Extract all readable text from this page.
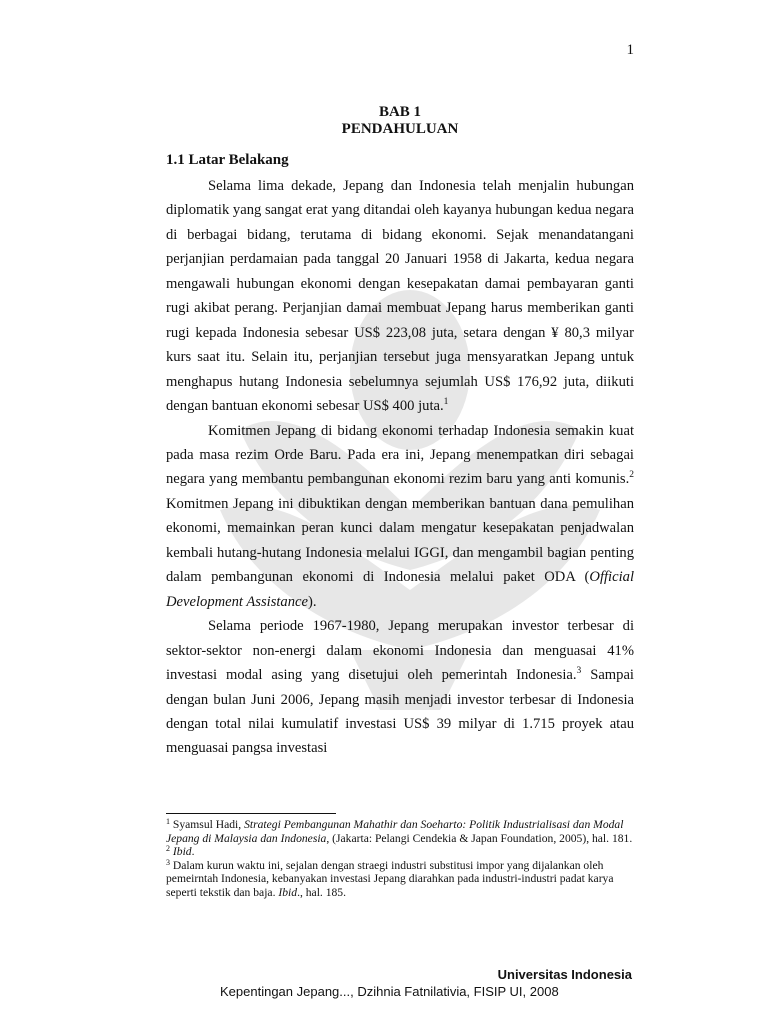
1
BAB 1
PENDAHULUAN
1.1 Latar Belakang

Selama lima dekade, Jepang dan Indonesia telah menjalin hubungan diplomatik yang sangat erat yang ditandai oleh kayanya hubungan kedua negara di berbagai bidang, terutama di bidang ekonomi. Sejak menandatangani perjanjian perdamaian pada tanggal 20 Januari 1958 di Jakarta, kedua negara mengawali hubungan ekonomi dengan kesepakatan damai pembayaran ganti rugi akibat perang. Perjanjian damai membuat Jepang harus memberikan ganti rugi kepada Indonesia sebesar US$ 223,08 juta, setara dengan ¥ 80,3 milyar kurs saat itu. Selain itu, perjanjian tersebut juga mensyaratkan Jepang untuk menghapus hutang Indonesia sebelumnya sejumlah US$ 176,92 juta, diikuti dengan bantuan ekonomi sebesar US$ 400 juta.$^1$

Komitmen Jepang di bidang ekonomi terhadap Indonesia semakin kuat pada masa rezim Orde Baru. Pada era ini, Jepang menempatkan diri sebagai negara yang membantu pembangunan ekonomi rezim baru yang anti komunis.$^2$ Komitmen Jepang ini dibuktikan dengan memberikan bantuan dana pemulihan ekonomi, memainkan peran kunci dalam mengatur kesepakatan penjadwalan kembali hutang-hutang Indonesia melalui IGGI, dan mengambil bagian penting dalam pembangunan ekonomi di Indonesia melalui paket ODA (Official Development Assistance).

Selama periode 1967-1980, Jepang merupakan investor terbesar di sektor-sektor non-energi dalam ekonomi Indonesia dan menguasai 41% investasi modal asing yang disetujui oleh pemerintah Indonesia.$^3$ Sampai dengan bulan Juni 2006, Jepang masih menjadi investor terbesar di Indonesia dengan total nilai kumulatif investasi US$ 39 milyar di 1.715 proyek atau menguasai pangsa investasi

$^1$ Syamsul Hadi, Strategi Pembangunan Mahathir dan Soeharto: Politik Industrialisasi dan Modal Jepang di Malaysia dan Indonesia, (Jakarta: Pelangi Cendekia & Japan Foundation, 2005), hal. 181.

$^2$ Ibid.

$^3$ Dalam kurun waktu ini, sejalan dengan straegi industri substitusi impor yang dijalankan oleh pemeirntah Indonesia, kebanyakan investasi Jepang diarahkan pada industri-industri padat karya seperti tekstik dan baja. Ibid., hal. 185.

Universitas Indonesia
Kepentingan Jepang..., Dzihnia Fatnilativia, FISIP UI, 2008
